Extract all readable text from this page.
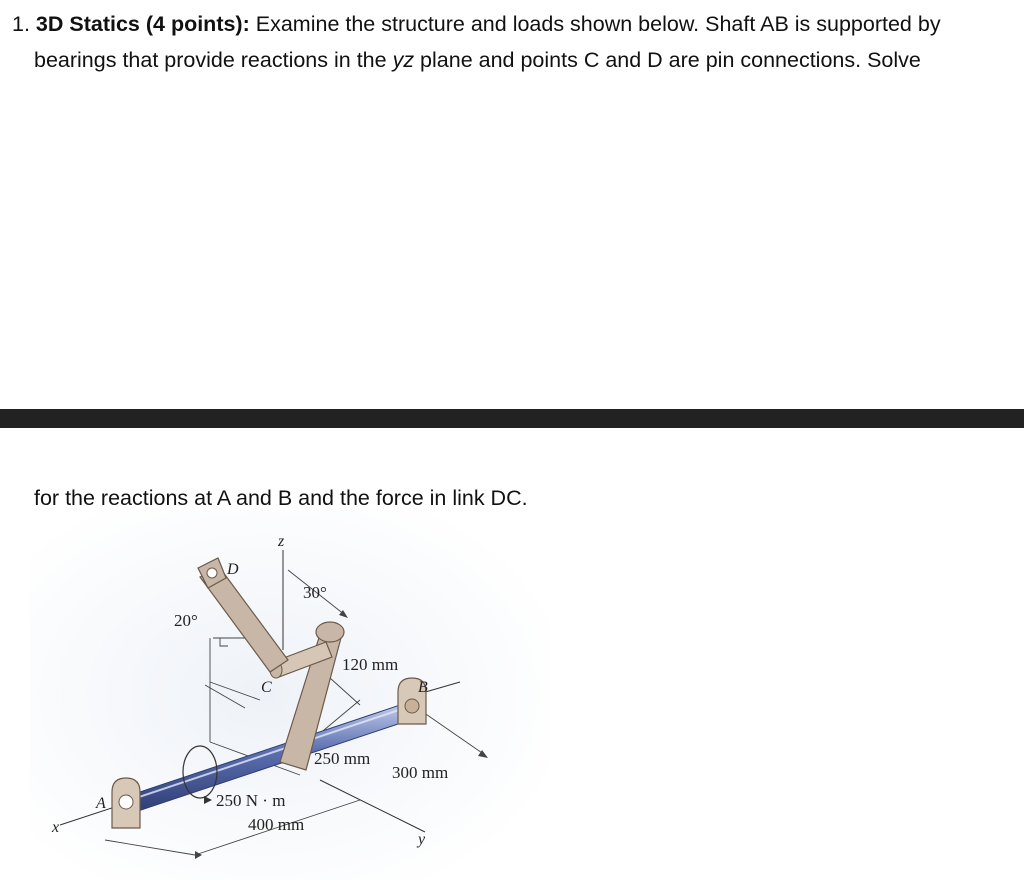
1. 3D Statics (4 points): Examine the structure and loads shown below. Shaft AB is supported by
bearings that provide reactions in the yz plane and points C and D are pin connections. Solve

for the reactions at A and B and the force in link DC.

z
x
y
A
B
C
D
20°
30°
120 mm
250 mm
300 mm
400 mm
250 N · m
